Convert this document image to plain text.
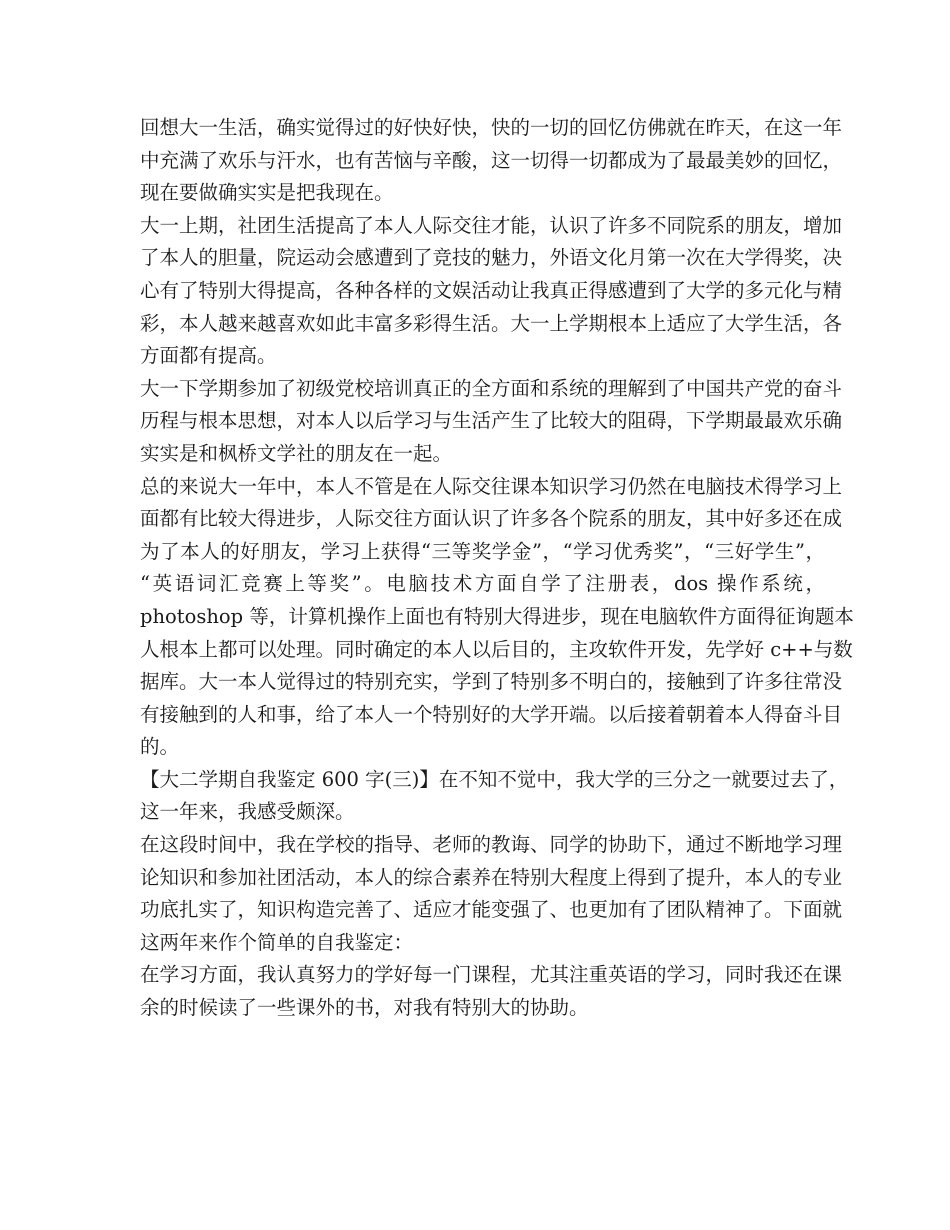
回想大一生活，确实觉得过的好快好快，快的一切的回忆仿佛就在昨天，在这一年
中充满了欢乐与汗水，也有苦恼与辛酸，这一切得一切都成为了最最美妙的回忆，
现在要做确实实是把我现在。
大一上期，社团生活提高了本人人际交往才能，认识了许多不同院系的朋友，增加
了本人的胆量，院运动会感遭到了竞技的魅力，外语文化月第一次在大学得奖，决
心有了特别大得提高，各种各样的文娱活动让我真正得感遭到了大学的多元化与精
彩，本人越来越喜欢如此丰富多彩得生活。大一上学期根本上适应了大学生活，各
方面都有提高。
大一下学期参加了初级党校培训真正的全方面和系统的理解到了中国共产党的奋斗
历程与根本思想，对本人以后学习与生活产生了比较大的阻碍，下学期最最欢乐确
实实是和枫桥文学社的朋友在一起。
总的来说大一年中，本人不管是在人际交往课本知识学习仍然在电脑技术得学习上
面都有比较大得进步，人际交往方面认识了许多各个院系的朋友，其中好多还在成
为了本人的好朋友，学习上获得“三等奖学金”，“学习优秀奖”，“三好学生”，
“英语词汇竞赛上等奖”。电脑技术方面自学了注册表，dos 操作系统，
photoshop 等，计算机操作上面也有特别大得进步，现在电脑软件方面得征询题本
人根本上都可以处理。同时确定的本人以后目的，主攻软件开发，先学好 c++与数
据库。大一本人觉得过的特别充实，学到了特别多不明白的，接触到了许多往常没
有接触到的人和事，给了本人一个特别好的大学开端。以后接着朝着本人得奋斗目
的。
【大二学期自我鉴定 600 字(三)】在不知不觉中，我大学的三分之一就要过去了，
这一年来，我感受颇深。
在这段时间中，我在学校的指导、老师的教诲、同学的协助下，通过不断地学习理
论知识和参加社团活动，本人的综合素养在特别大程度上得到了提升，本人的专业
功底扎实了，知识构造完善了、适应才能变强了、也更加有了团队精神了。下面就
这两年来作个简单的自我鉴定：
在学习方面，我认真努力的学好每一门课程，尤其注重英语的学习，同时我还在课
余的时候读了一些课外的书，对我有特别大的协助。
